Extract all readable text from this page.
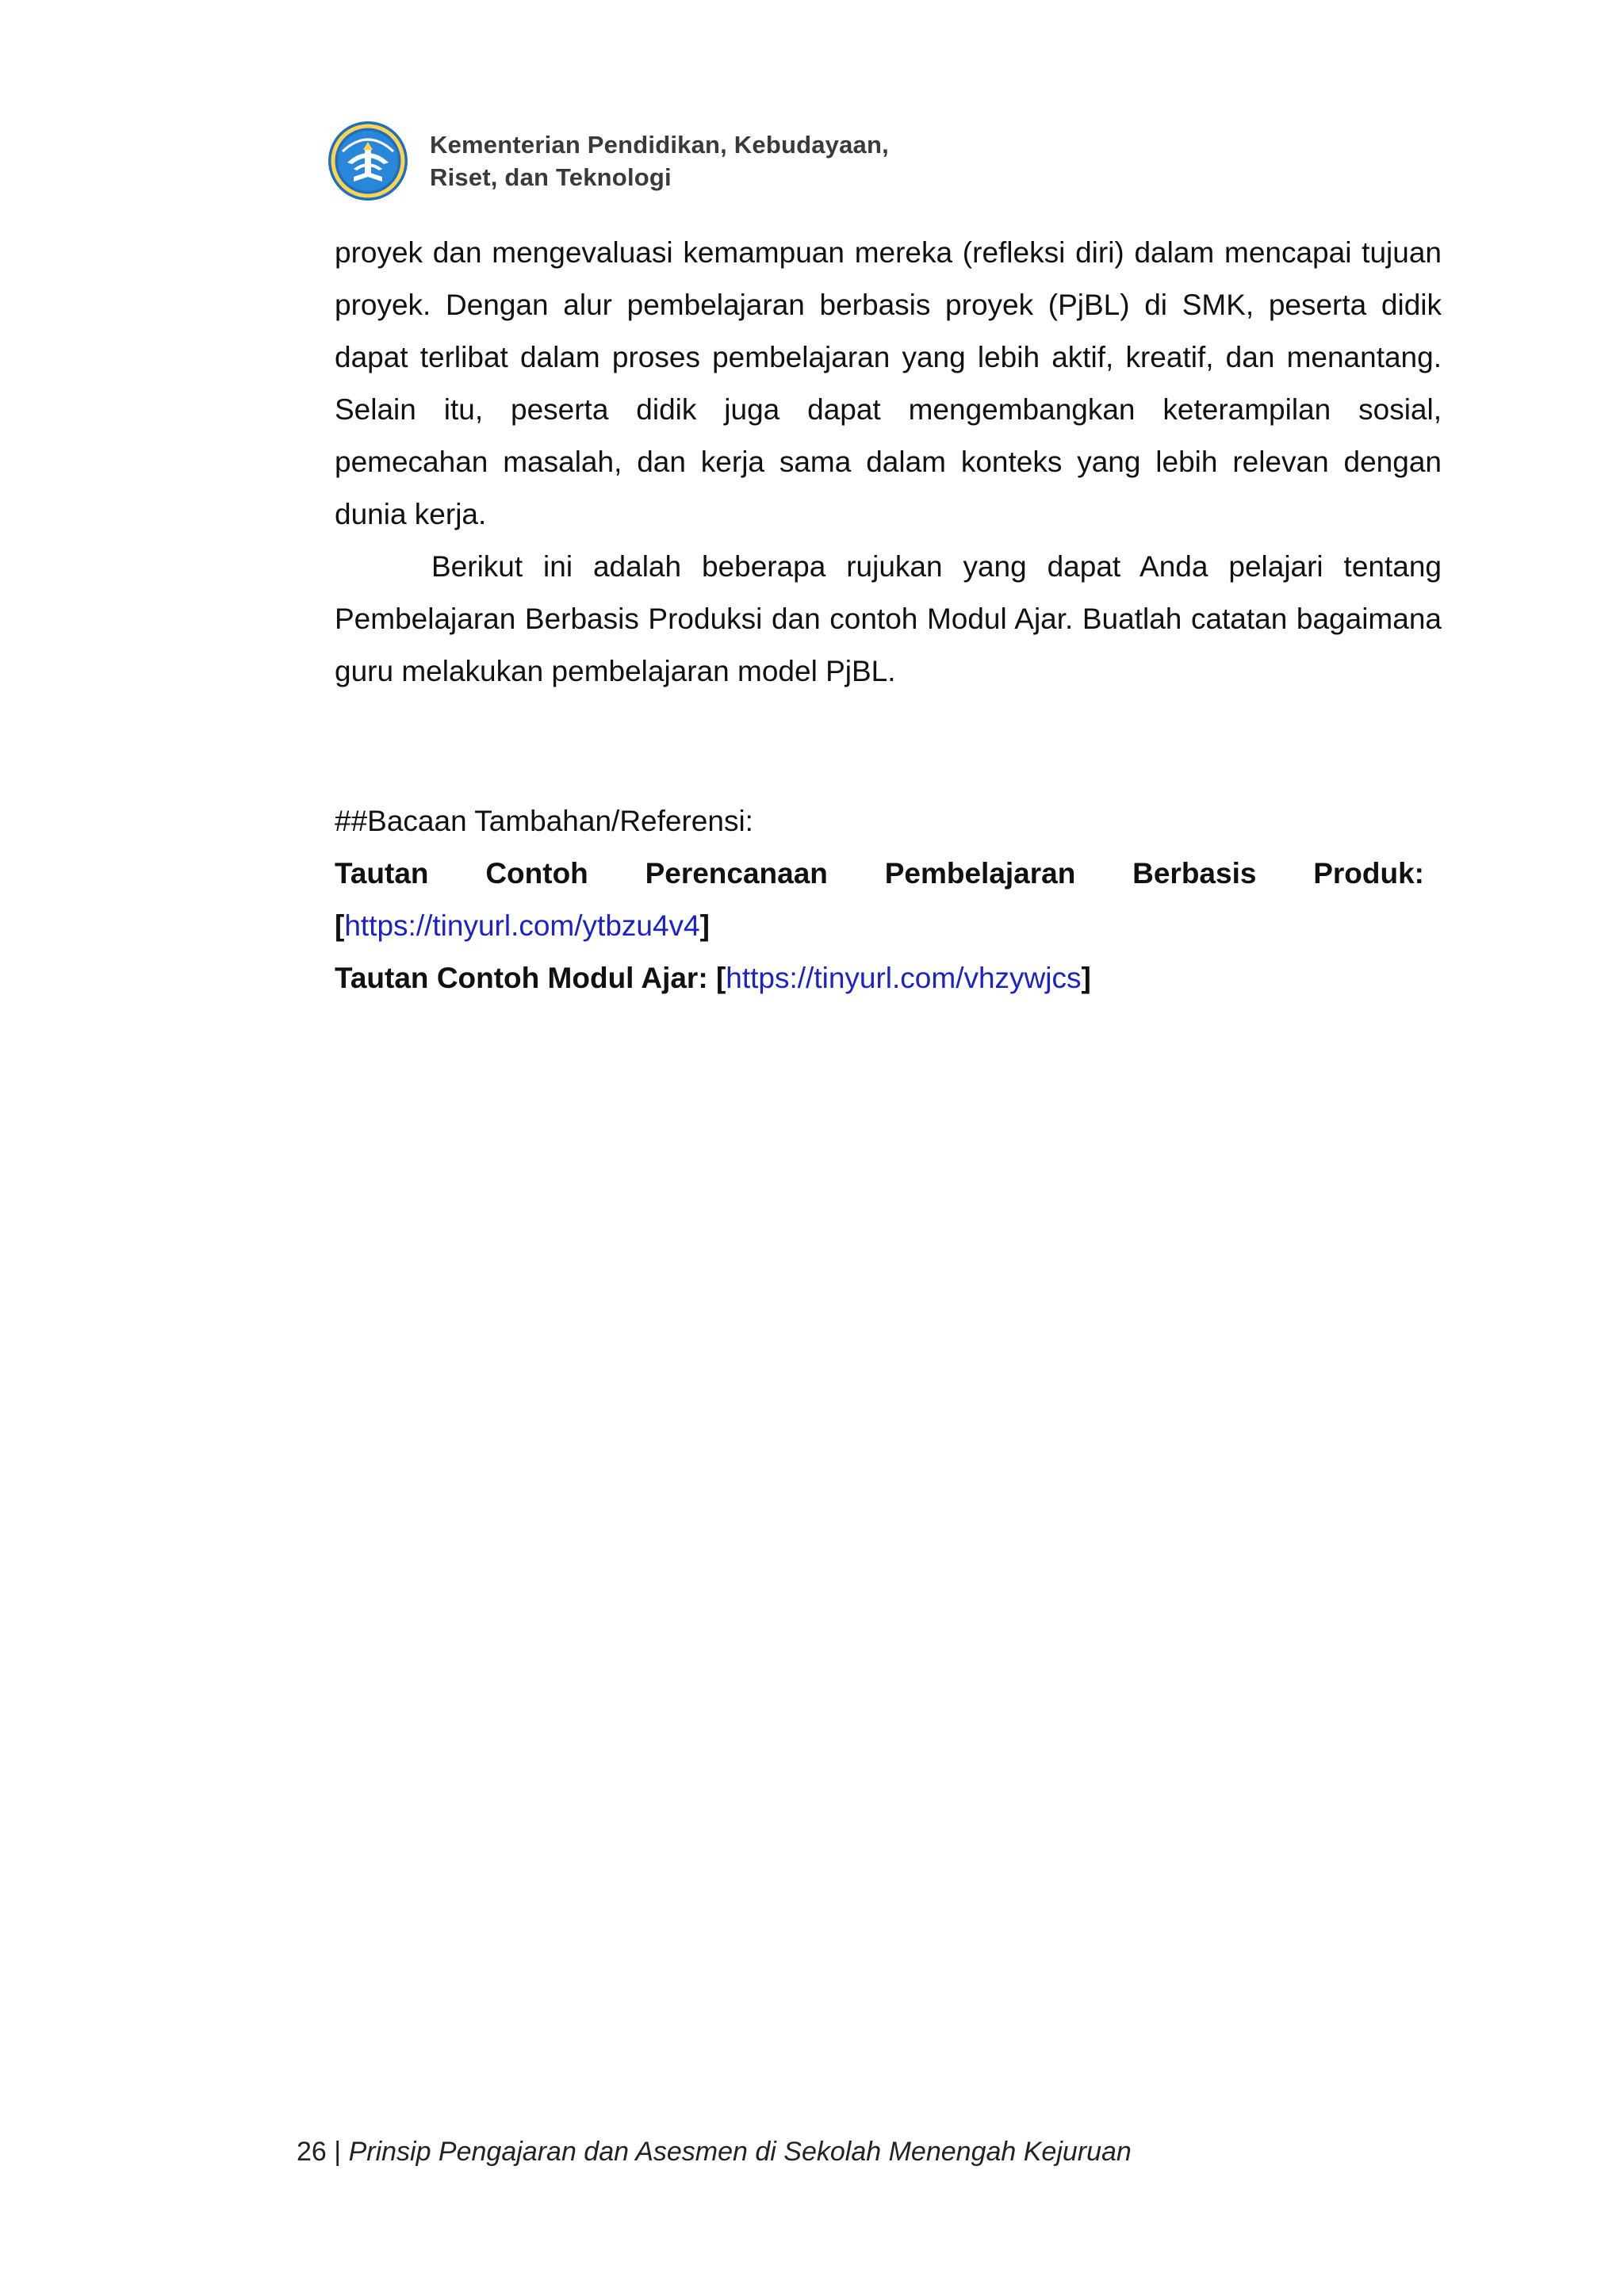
Kementerian Pendidikan, Kebudayaan,
Riset, dan Teknologi

proyek dan mengevaluasi kemampuan mereka (refleksi diri) dalam mencapai tujuan proyek. Dengan alur pembelajaran berbasis proyek (PjBL) di SMK, peserta didik dapat terlibat dalam proses pembelajaran yang lebih aktif, kreatif, dan menantang. Selain itu, peserta didik juga dapat mengembangkan keterampilan sosial, pemecahan masalah, dan kerja sama dalam konteks yang lebih relevan dengan dunia kerja.

Berikut ini adalah beberapa rujukan yang dapat Anda pelajari tentang Pembelajaran Berbasis Produksi dan contoh Modul Ajar. Buatlah catatan bagaimana guru melakukan pembelajaran model PjBL.

##Bacaan Tambahan/Referensi:

Tautan Contoh Perencanaan Pembelajaran Berbasis Produk:

[https://tinyurl.com/ytbzu4v4]

Tautan Contoh Modul Ajar: [https://tinyurl.com/vhzywjcs]

26 | Prinsip Pengajaran dan Asesmen di Sekolah Menengah Kejuruan
